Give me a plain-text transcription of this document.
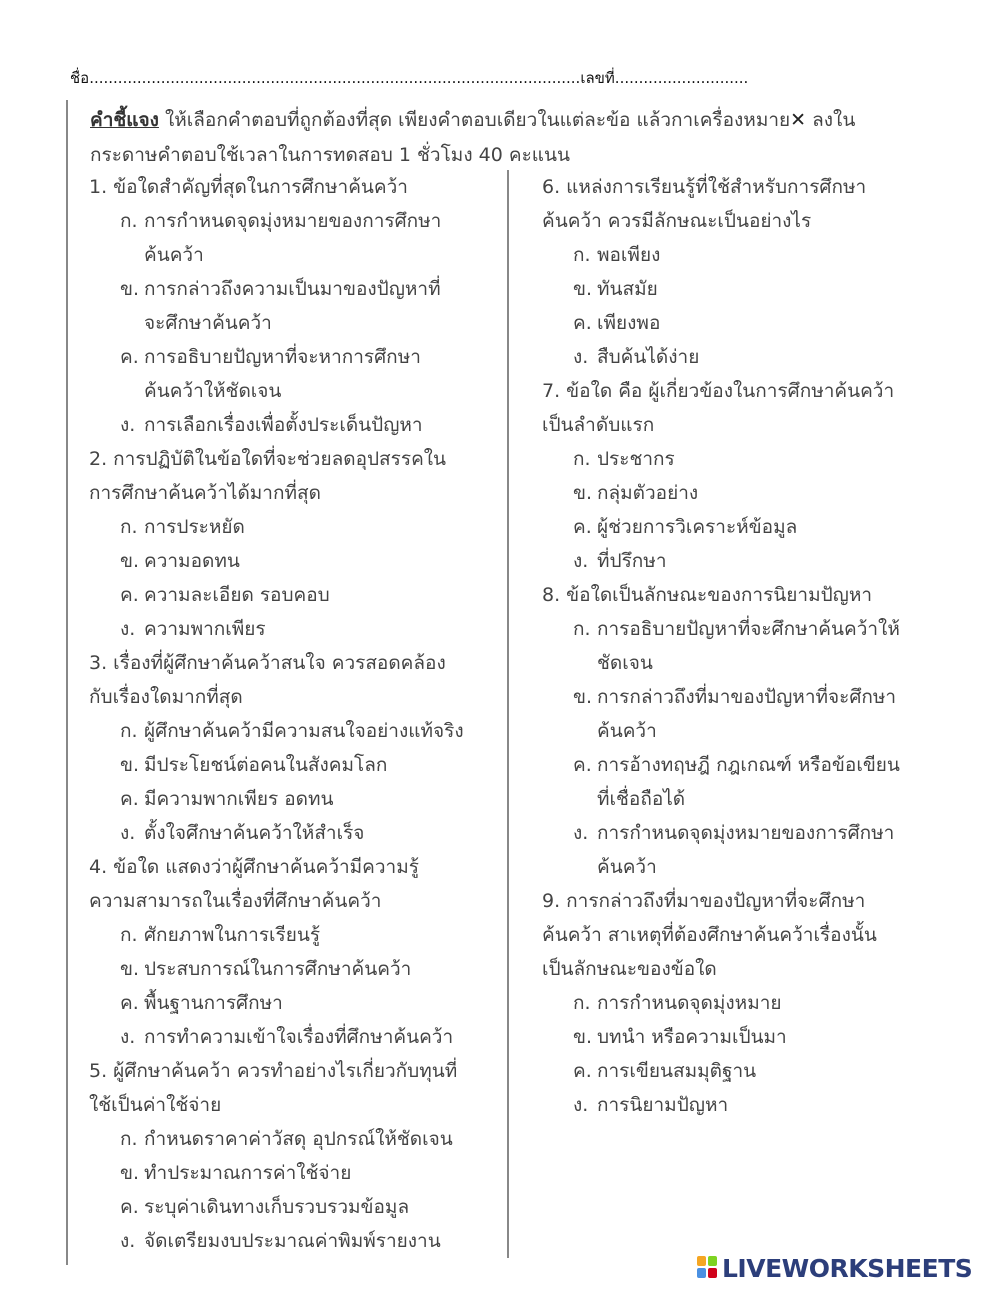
ชื่อ.......................................................................................................เลขที่............................
คำชี้แจง ให้เลือกคำตอบที่ถูกต้องที่สุด เพียงคำตอบเดียวในแต่ละข้อ แล้วกาเครื่องหมาย✕ ลงใน
กระดาษคำตอบใช้เวลาในการทดสอบ 1 ชั่วโมง 40 คะแนน
1. ข้อใดสำคัญที่สุดในการศึกษาค้นคว้า
ก. การกำหนดจุดมุ่งหมายของการศึกษา
ค้นคว้า
ข. การกล่าวถึงความเป็นมาของปัญหาที่
จะศึกษาค้นคว้า
ค. การอธิบายปัญหาที่จะหาการศึกษา
ค้นคว้าให้ชัดเจน
ง. การเลือกเรื่องเพื่อตั้งประเด็นปัญหา
2. การปฏิบัติในข้อใดที่จะช่วยลดอุปสรรคใน
การศึกษาค้นคว้าได้มากที่สุด
ก. การประหยัด
ข. ความอดทน
ค. ความละเอียด รอบคอบ
ง. ความพากเพียร
3. เรื่องที่ผู้ศึกษาค้นคว้าสนใจ ควรสอดคล้อง
กับเรื่องใดมากที่สุด
ก. ผู้ศึกษาค้นคว้ามีความสนใจอย่างแท้จริง
ข. มีประโยชน์ต่อคนในสังคมโลก
ค. มีความพากเพียร อดทน
ง. ตั้งใจศึกษาค้นคว้าให้สำเร็จ
4. ข้อใด แสดงว่าผู้ศึกษาค้นคว้ามีความรู้
ความสามารถในเรื่องที่ศึกษาค้นคว้า
ก. ศักยภาพในการเรียนรู้
ข. ประสบการณ์ในการศึกษาค้นคว้า
ค. พื้นฐานการศึกษา
ง. การทำความเข้าใจเรื่องที่ศึกษาค้นคว้า
5. ผู้ศึกษาค้นคว้า ควรทำอย่างไรเกี่ยวกับทุนที่
ใช้เป็นค่าใช้จ่าย
ก. กำหนดราคาค่าวัสดุ อุปกรณ์ให้ชัดเจน
ข. ทำประมาณการค่าใช้จ่าย
ค. ระบุค่าเดินทางเก็บรวบรวมข้อมูล
ง. จัดเตรียมงบประมาณค่าพิมพ์รายงาน
6. แหล่งการเรียนรู้ที่ใช้สำหรับการศึกษา
ค้นคว้า ควรมีลักษณะเป็นอย่างไร
ก. พอเพียง
ข. ทันสมัย
ค. เพียงพอ
ง. สืบค้นได้ง่าย
7. ข้อใด คือ ผู้เกี่ยวข้องในการศึกษาค้นคว้า
เป็นลำดับแรก
ก. ประชากร
ข. กลุ่มตัวอย่าง
ค. ผู้ช่วยการวิเคราะห์ข้อมูล
ง. ที่ปรึกษา
8. ข้อใดเป็นลักษณะของการนิยามปัญหา
ก. การอธิบายปัญหาที่จะศึกษาค้นคว้าให้
ชัดเจน
ข. การกล่าวถึงที่มาของปัญหาที่จะศึกษา
ค้นคว้า
ค. การอ้างทฤษฎี กฎเกณฑ์ หรือข้อเขียน
ที่เชื่อถือได้
ง. การกำหนดจุดมุ่งหมายของการศึกษา
ค้นคว้า
9. การกล่าวถึงที่มาของปัญหาที่จะศึกษา
ค้นคว้า สาเหตุที่ต้องศึกษาค้นคว้าเรื่องนั้น
เป็นลักษณะของข้อใด
ก. การกำหนดจุดมุ่งหมาย
ข. บทนำ หรือความเป็นมา
ค. การเขียนสมมุติฐาน
ง. การนิยามปัญหา
LIVEWORKSHEETS
